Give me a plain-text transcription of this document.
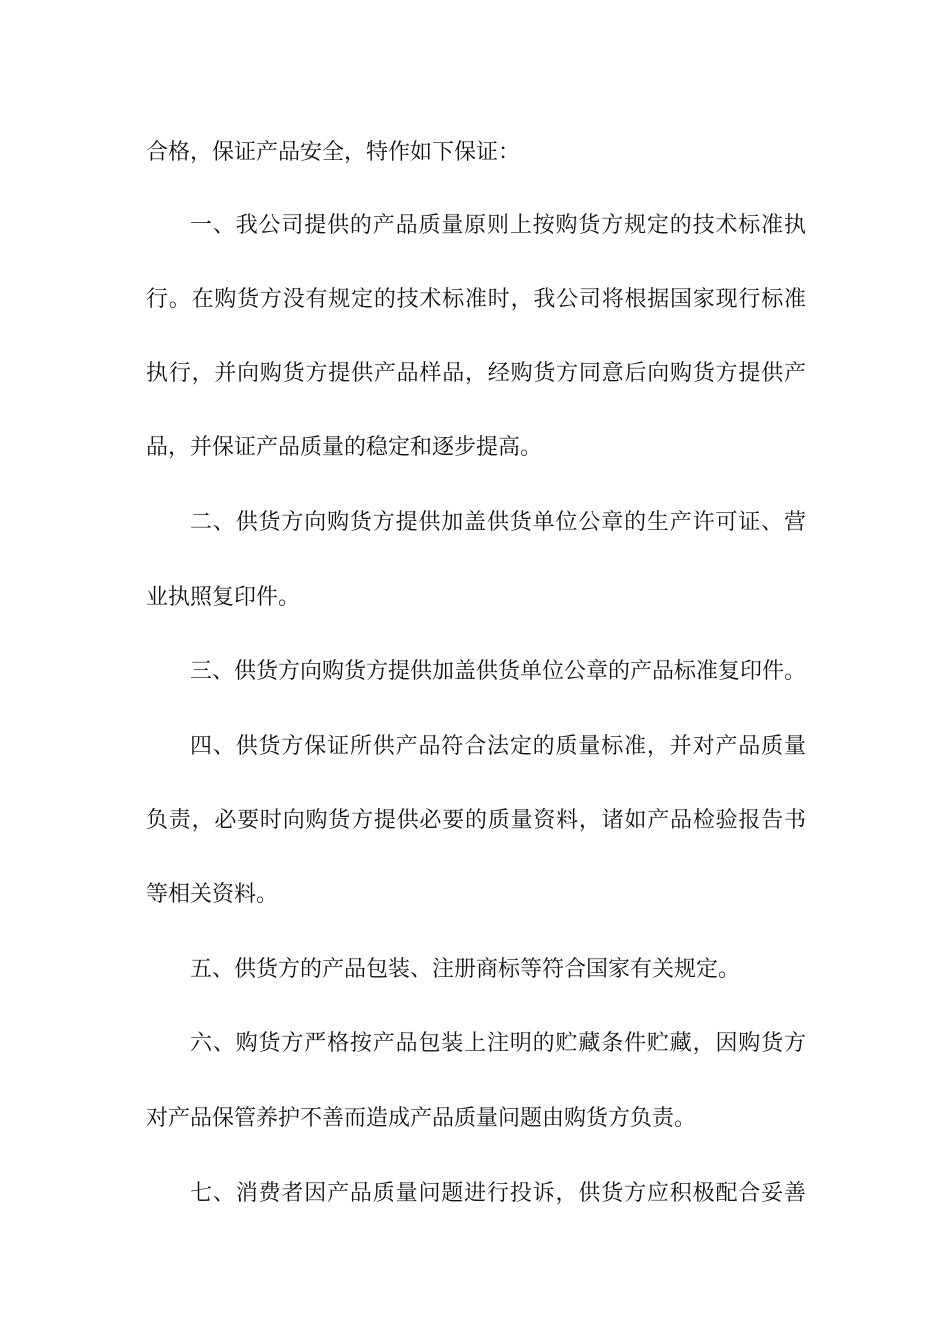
合格，保证产品安全，特作如下保证：
一、我公司提供的产品质量原则上按购货方规定的技术标准执
行。在购货方没有规定的技术标准时，我公司将根据国家现行标准
执行，并向购货方提供产品样品，经购货方同意后向购货方提供产
品，并保证产品质量的稳定和逐步提高。
二、供货方向购货方提供加盖供货单位公章的生产许可证、营
业执照复印件。
三、供货方向购货方提供加盖供货单位公章的产品标准复印件。
四、供货方保证所供产品符合法定的质量标准，并对产品质量
负责，必要时向购货方提供必要的质量资料，诸如产品检验报告书
等相关资料。
五、供货方的产品包装、注册商标等符合国家有关规定。
六、购货方严格按产品包装上注明的贮藏条件贮藏，因购货方
对产品保管养护不善而造成产品质量问题由购货方负责。
七、消费者因产品质量问题进行投诉，供货方应积极配合妥善
